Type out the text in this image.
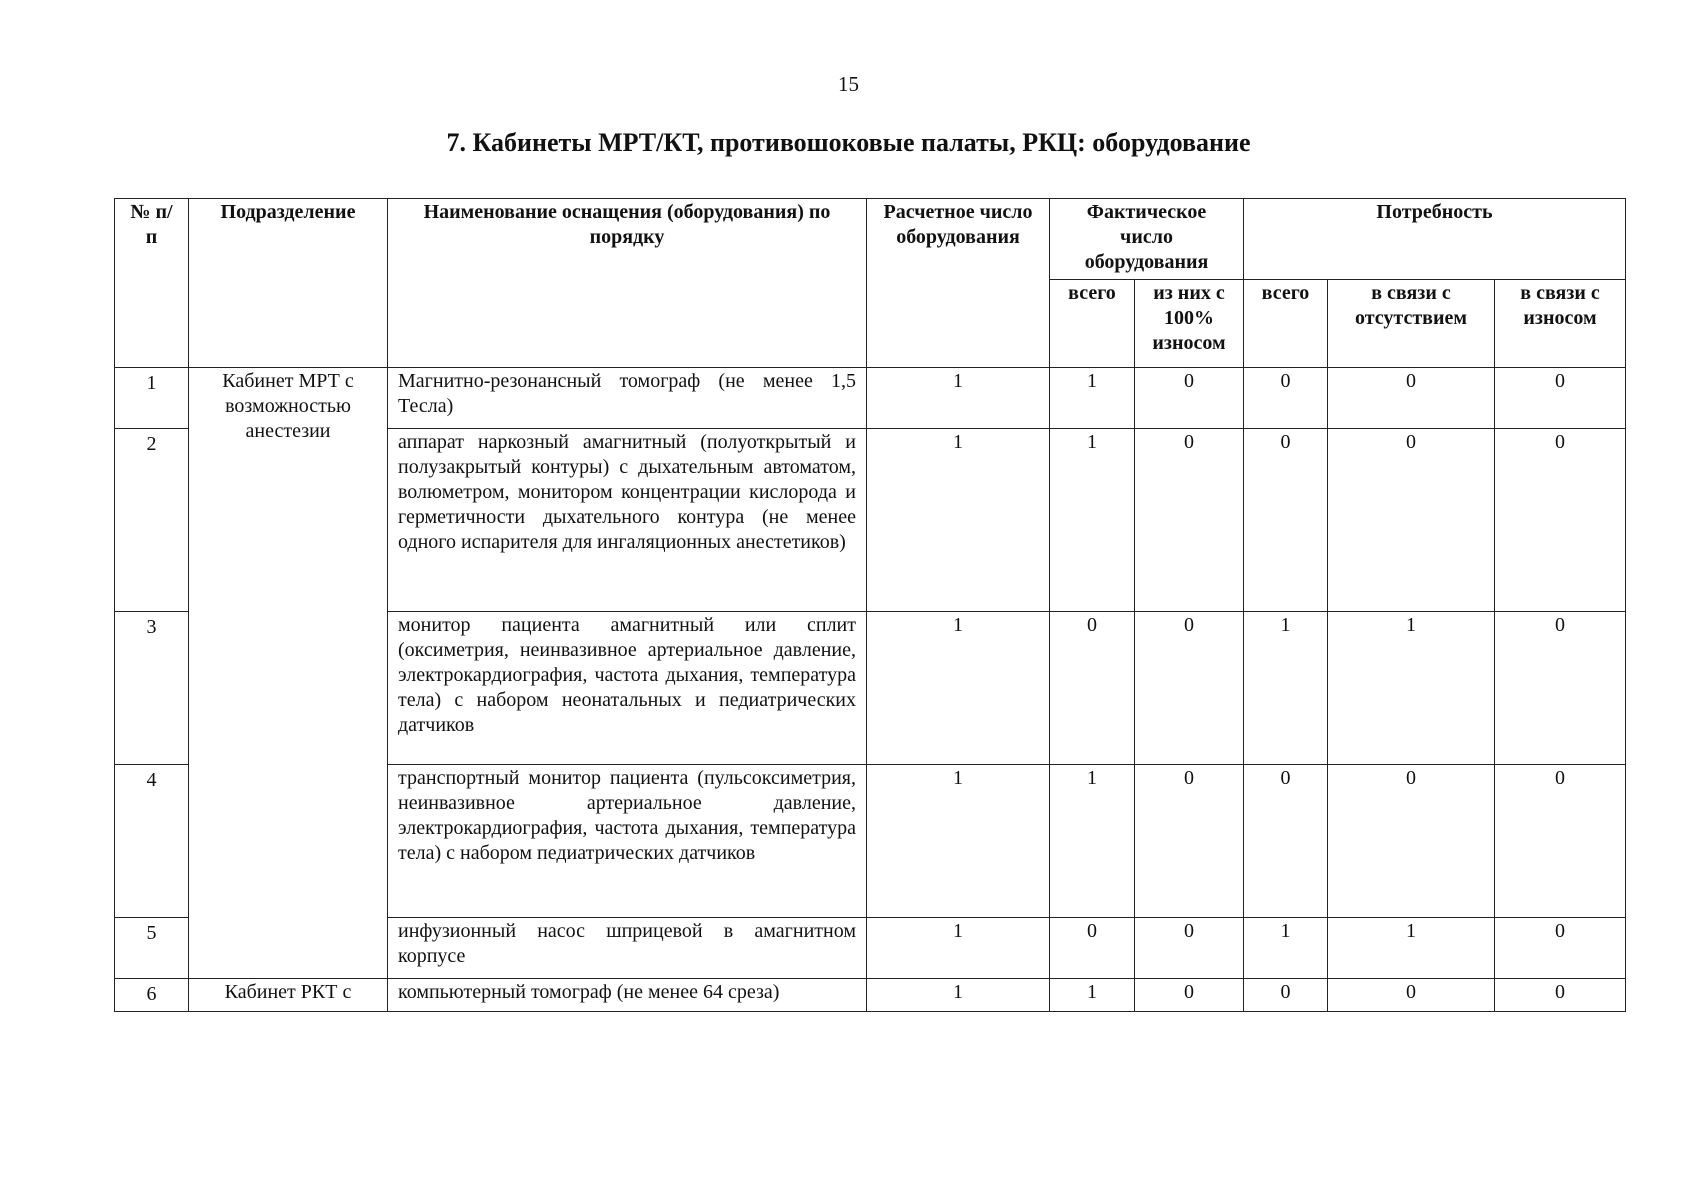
15
7. Кабинеты МРТ/КТ, противошоковые палаты, РКЦ: оборудование
№ п/п	Подразделение	Наименование оснащения (оборудования) по порядку	Расчетное число оборудования	Фактическое число оборудования		Потребность		
				всего	из них с 100% износом	всего	в связи с отсутствием	в связи с износом
1	Кабинет МРТ с возможностью анестезии	Магнитно-резонансный томограф (не менее 1,5 Тесла)	1	1	0	0	0	0
2		аппарат наркозный амагнитный (полуоткрытый и полузакрытый контуры) с дыхательным автоматом, волюметром, монитором концентрации кислорода и герметичности дыхательного контура (не менее одного испарителя для ингаляционных анестетиков)	1	1	0	0	0	0
3		монитор пациента амагнитный или сплит (оксиметрия, неинвазивное артериальное давление, электрокардиография, частота дыхания, температура тела) с набором неонатальных и педиатрических датчиков	1	0	0	1	1	0
4		транспортный монитор пациента (пульсоксиметрия, неинвазивное артериальное давление, электрокардиография, частота дыхания, температура тела) с набором педиатрических датчиков	1	1	0	0	0	0
5		инфузионный насос шприцевой в амагнитном корпусе	1	0	0	1	1	0
6	Кабинет РКТ с	компьютерный томограф (не менее 64 среза)	1	1	0	0	0	0
